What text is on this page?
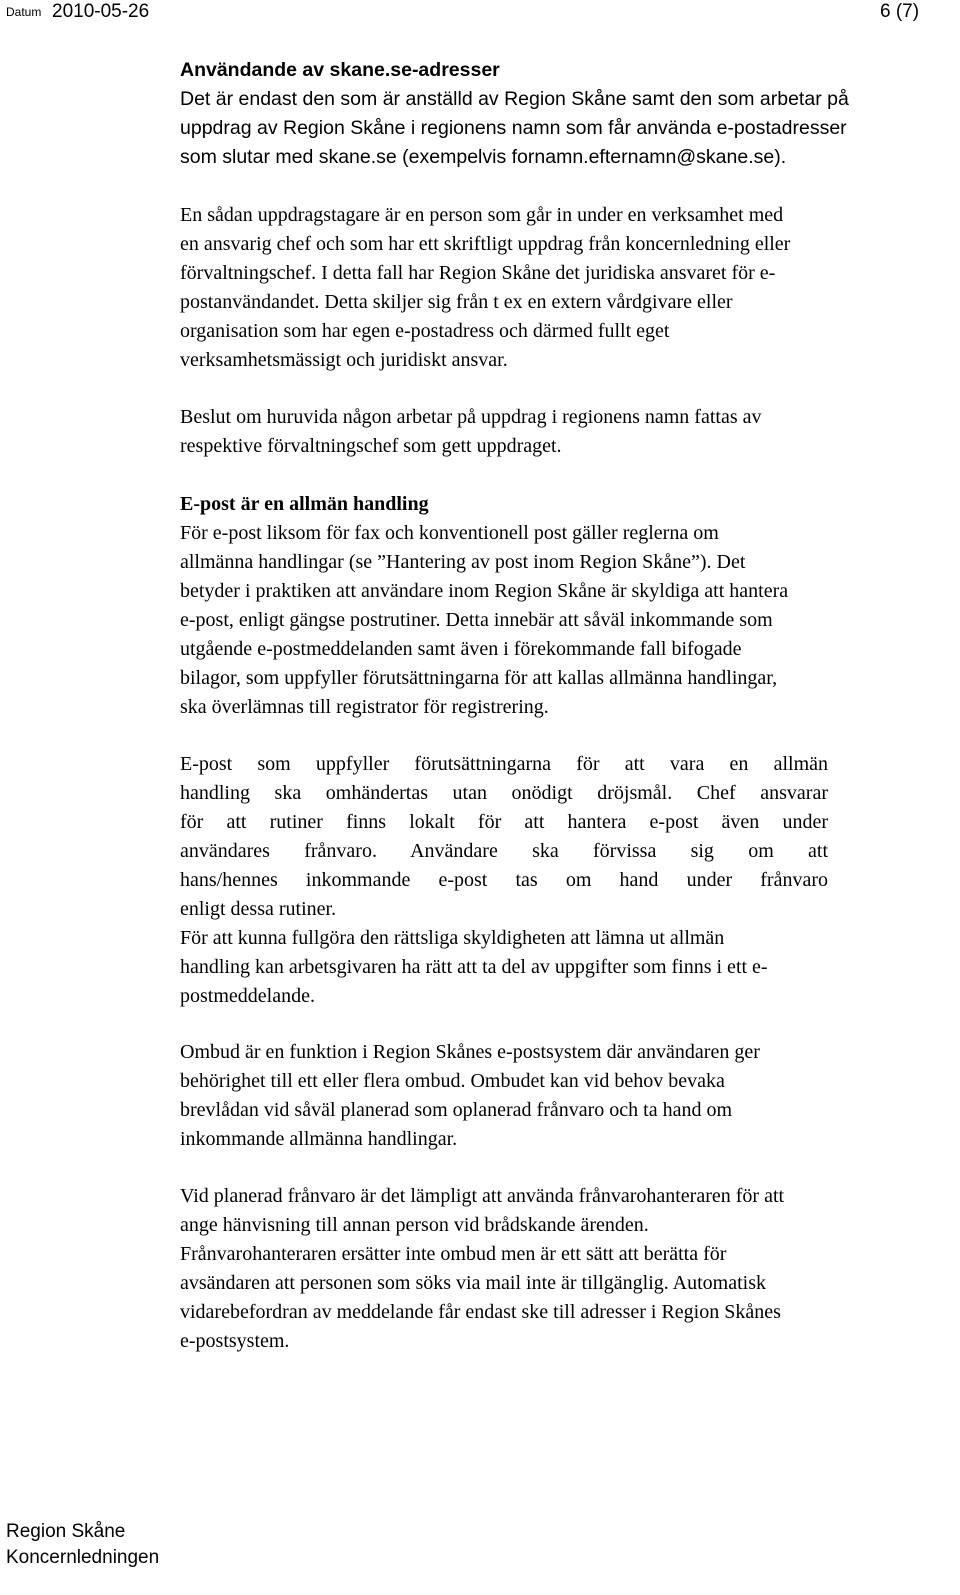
Datum 2010-05-26	6 (7)
Användande av skane.se-adresser
Det är endast den som är anställd av Region Skåne samt den som arbetar på
uppdrag av Region Skåne i regionens namn som får använda e-postadresser
som slutar med skane.se (exempelvis fornamn.efternamn@skane.se).
En sådan uppdragstagare är en person som går in under en verksamhet med
en ansvarig chef och som har ett skriftligt uppdrag från koncernledning eller
förvaltningschef. I detta fall har Region Skåne det juridiska ansvaret för e-
postanvändandet. Detta skiljer sig från t ex en extern vårdgivare eller
organisation som har egen e-postadress och därmed fullt eget
verksamhetsmässigt och juridiskt ansvar.
Beslut om huruvida någon arbetar på uppdrag i regionens namn fattas av
respektive förvaltningschef som gett uppdraget.
E-post är en allmän handling
För e-post liksom för fax och konventionell post gäller reglerna om
allmänna handlingar (se ”Hantering av post inom Region Skåne”). Det
betyder i praktiken att användare inom Region Skåne är skyldiga att hantera
e-post, enligt gängse postrutiner. Detta innebär att såväl inkommande som
utgående e-postmeddelanden samt även i förekommande fall bifogade
bilagor, som uppfyller förutsättningarna för att kallas allmänna handlingar,
ska överlämnas till registrator för registrering.
E-post som uppfyller förutsättningarna för att vara en allmän
handling ska omhändertas utan onödigt dröjsmål. Chef ansvarar
för att rutiner finns lokalt för att hantera e-post även under
användares frånvaro. Användare ska förvissa sig om att
hans/hennes inkommande e-post tas om hand under frånvaro
enligt dessa rutiner.
För att kunna fullgöra den rättsliga skyldigheten att lämna ut allmän
handling kan arbetsgivaren ha rätt att ta del av uppgifter som finns i ett e-
postmeddelande.
Ombud är en funktion i Region Skånes e-postsystem där användaren ger
behörighet till ett eller flera ombud. Ombudet kan vid behov bevaka
brevlådan vid såväl planerad som oplanerad frånvaro och ta hand om
inkommande allmänna handlingar.
Vid planerad frånvaro är det lämpligt att använda frånvarohanteraren för att
ange hänvisning till annan person vid brådskande ärenden.
Frånvarohanteraren ersätter inte ombud men är ett sätt att berätta för
avsändaren att personen som söks via mail inte är tillgänglig. Automatisk
vidarebefordran av meddelande får endast ske till adresser i Region Skånes
e-postsystem.
Region Skåne
Koncernledningen
